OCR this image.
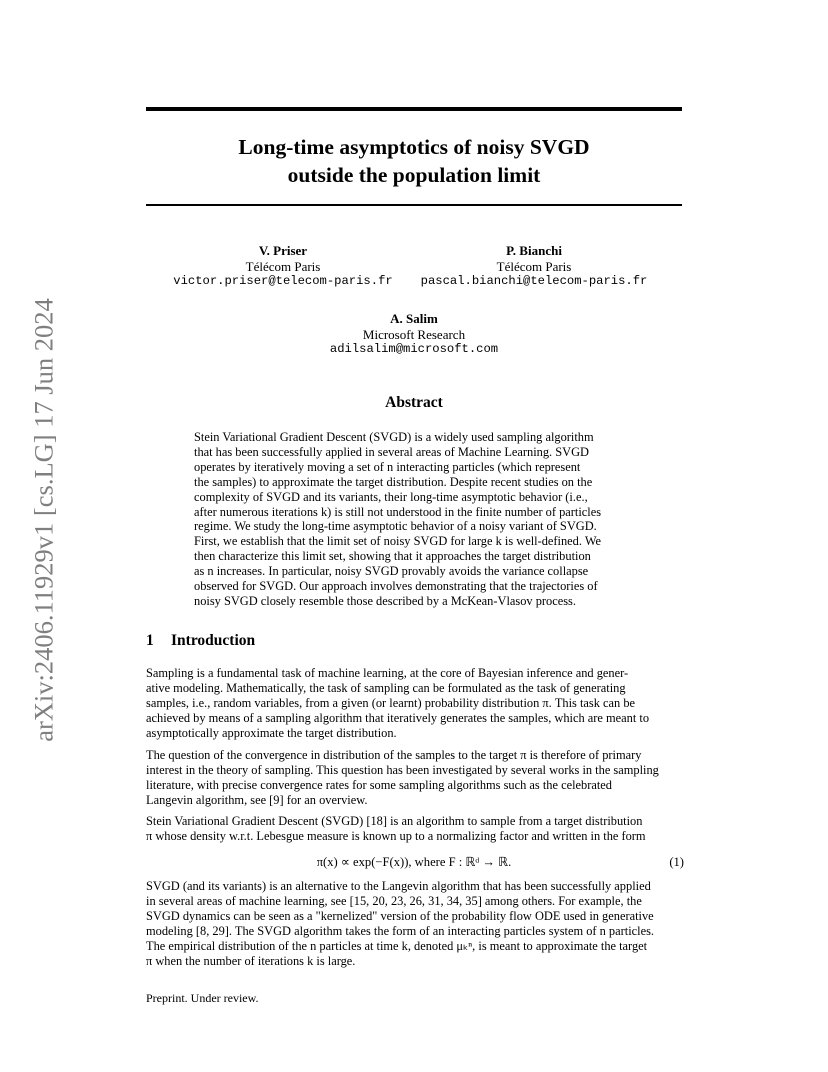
arXiv:2406.11929v1 [cs.LG] 17 Jun 2024
Long-time asymptotics of noisy SVGD
outside the population limit
V. Priser
Télécom Paris
victor.priser@telecom-paris.fr
P. Bianchi
Télécom Paris
pascal.bianchi@telecom-paris.fr
A. Salim
Microsoft Research
adilsalim@microsoft.com
Abstract
Stein Variational Gradient Descent (SVGD) is a widely used sampling algorithm
that has been successfully applied in several areas of Machine Learning. SVGD
operates by iteratively moving a set of n interacting particles (which represent
the samples) to approximate the target distribution. Despite recent studies on the
complexity of SVGD and its variants, their long-time asymptotic behavior (i.e.,
after numerous iterations k) is still not understood in the finite number of particles
regime. We study the long-time asymptotic behavior of a noisy variant of SVGD.
First, we establish that the limit set of noisy SVGD for large k is well-defined. We
then characterize this limit set, showing that it approaches the target distribution
as n increases. In particular, noisy SVGD provably avoids the variance collapse
observed for SVGD. Our approach involves demonstrating that the trajectories of
noisy SVGD closely resemble those described by a McKean-Vlasov process.
1 Introduction
Sampling is a fundamental task of machine learning, at the core of Bayesian inference and gener-
ative modeling. Mathematically, the task of sampling can be formulated as the task of generating
samples, i.e., random variables, from a given (or learnt) probability distribution π. This task can be
achieved by means of a sampling algorithm that iteratively generates the samples, which are meant to
asymptotically approximate the target distribution.
The question of the convergence in distribution of the samples to the target π is therefore of primary
interest in the theory of sampling. This question has been investigated by several works in the sampling
literature, with precise convergence rates for some sampling algorithms such as the celebrated
Langevin algorithm, see [9] for an overview.
Stein Variational Gradient Descent (SVGD) [18] is an algorithm to sample from a target distribution
π whose density w.r.t. Lebesgue measure is known up to a normalizing factor and written in the form
π(x) ∝ exp(−F(x)), where F : ℝᵈ → ℝ.	(1)
SVGD (and its variants) is an alternative to the Langevin algorithm that has been successfully applied
in several areas of machine learning, see [15, 20, 23, 26, 31, 34, 35] among others. For example, the
SVGD dynamics can be seen as a "kernelized" version of the probability flow ODE used in generative
modeling [8, 29]. The SVGD algorithm takes the form of an interacting particles system of n particles.
The empirical distribution of the n particles at time k, denoted μₖⁿ, is meant to approximate the target
π when the number of iterations k is large.
Preprint. Under review.
